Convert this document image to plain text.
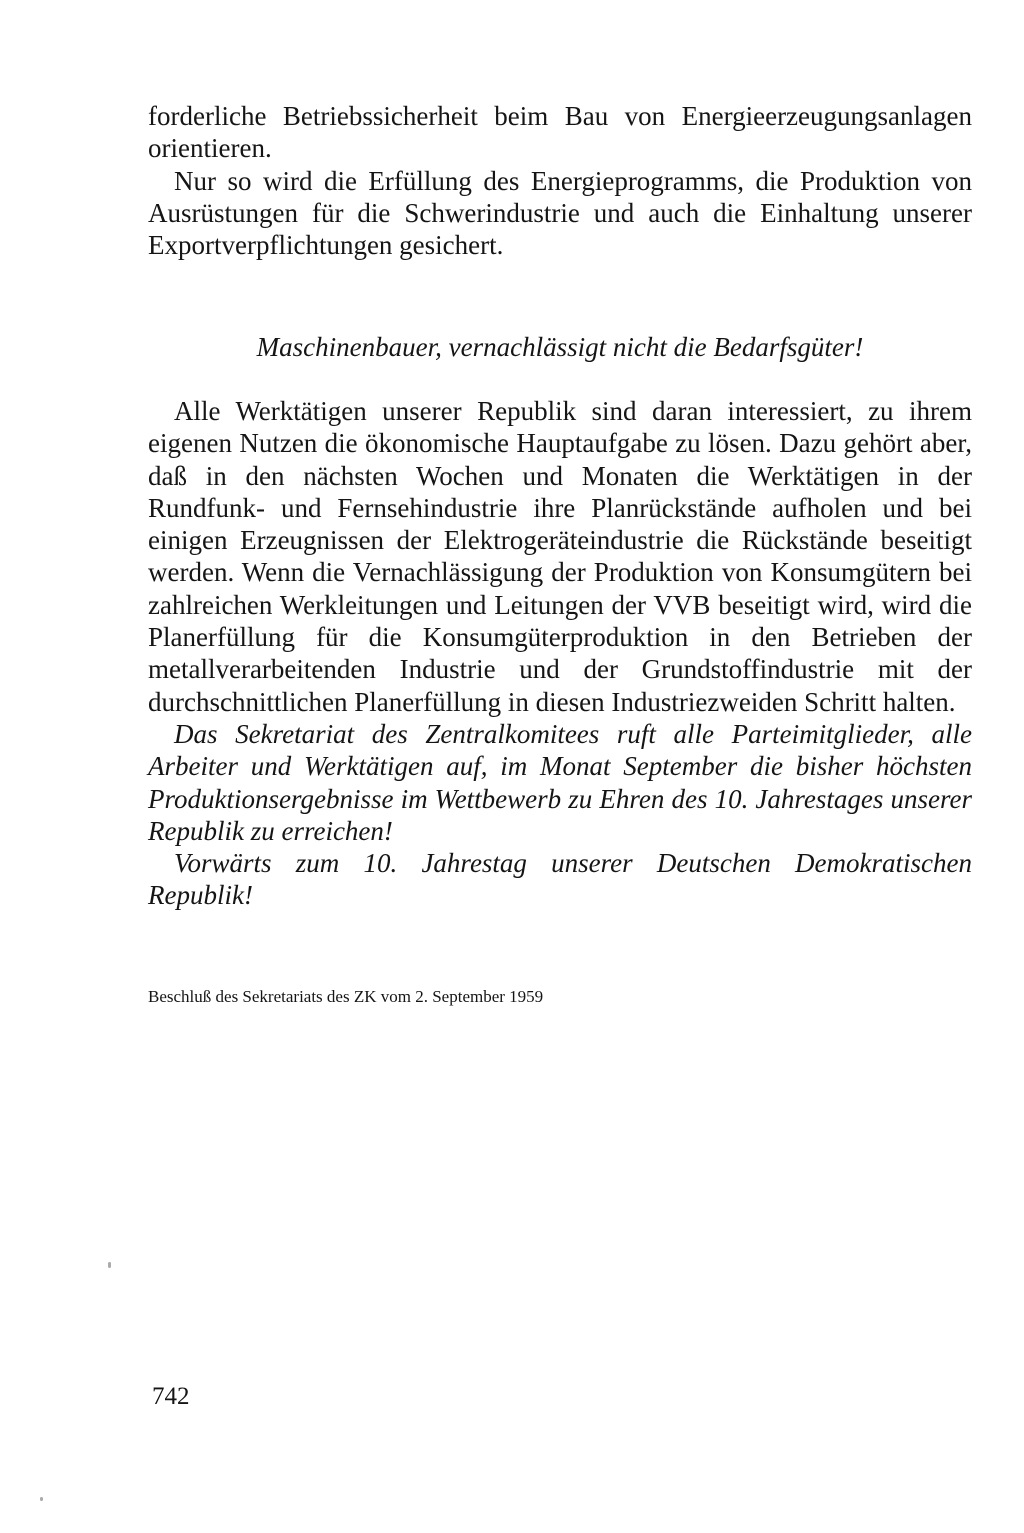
forderliche Betriebssicherheit beim Bau von Energieerzeugungsanlagen orientieren.

Nur so wird die Erfüllung des Energieprogramms, die Produktion von Ausrüstungen für die Schwerindustrie und auch die Einhaltung unserer Exportverpflichtungen gesichert.

Maschinenbauer, vernachlässigt nicht die Bedarfsgüter!

Alle Werktätigen unserer Republik sind daran interessiert, zu ihrem eigenen Nutzen die ökonomische Hauptaufgabe zu lösen. Dazu gehört aber, daß in den nächsten Wochen und Monaten die Werktätigen in der Rundfunk- und Fernsehindustrie ihre Planrückstände aufholen und bei einigen Erzeugnissen der Elektrogeräteindustrie die Rückstände beseitigt werden. Wenn die Vernachlässigung der Produktion von Konsumgütern bei zahlreichen Werkleitungen und Leitungen der VVB beseitigt wird, wird die Planerfüllung für die Konsumgüterproduktion in den Betrieben der metallverarbeitenden Industrie und der Grundstoffindustrie mit der durchschnittlichen Planerfüllung in diesen Industriezweiden Schritt halten.

Das Sekretariat des Zentralkomitees ruft alle Parteimitglieder, alle Arbeiter und Werktätigen auf, im Monat September die bisher höchsten Produktionsergebnisse im Wettbewerb zu Ehren des 10. Jahrestages unserer Republik zu erreichen!

Vorwärts zum 10. Jahrestag unserer Deutschen Demokratischen Republik!

Beschluß des Sekretariats des ZK vom 2. September 1959
742
